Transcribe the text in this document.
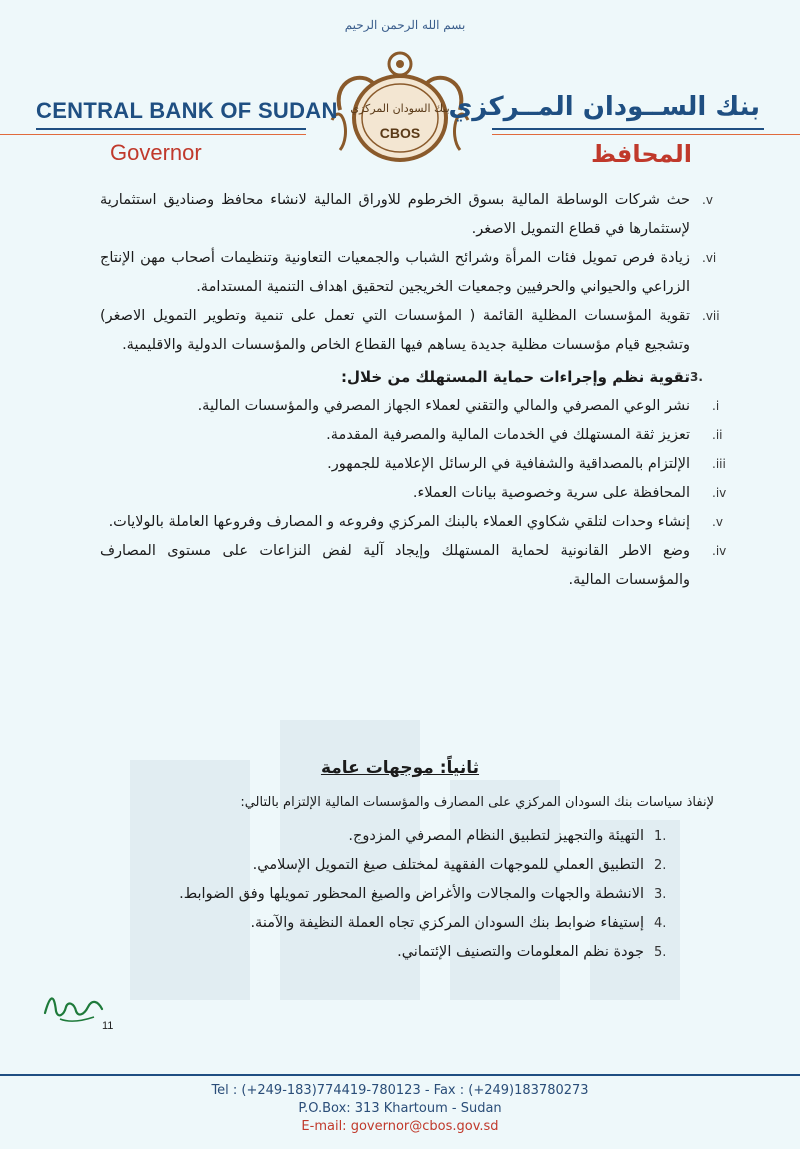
بسم الله الرحمن الرحيم
بنك السودان المركزي
CBOS
CENTRAL BANK OF SUDAN	بنك الســودان المــركزي
Governor	المحافظ
.v
حث شركات الوساطة المالية بسوق الخرطوم للاوراق المالية لانشاء محافظ وصناديق استثمارية لإستثمارها في قطاع التمويل الاصغر.
.vi
زيادة فرص تمويل فئات المرأة وشرائح الشباب والجمعيات التعاونية وتنظيمات أصحاب مهن الإنتاج الزراعي والحيواني والحرفيين وجمعيات الخريجين لتحقيق اهداف التنمية المستدامة.
.vii
تقوية المؤسسات المظلية القائمة ( المؤسسات التي تعمل على تنمية وتطوير التمويل الاصغر) وتشجيع قيام مؤسسات مظلية جديدة يساهم فيها القطاع الخاص والمؤسسات الدولية والاقليمية.
3.
تقوية نظم وإجراءات حماية المستهلك من خلال:
.i
نشر الوعي المصرفي والمالي والتقني لعملاء الجهاز المصرفي والمؤسسات المالية.
.ii
تعزيز ثقة المستهلك في الخدمات المالية والمصرفية المقدمة.
.iii
الإلتزام بالمصداقية والشفافية في الرسائل الإعلامية للجمهور.
.iv
المحافظة على سرية وخصوصية بيانات العملاء.
.v
إنشاء وحدات لتلقي شكاوي العملاء بالبنك المركزي وفروعه و المصارف وفروعها العاملة بالولايات.
.iv
وضع الاطر القانونية لحماية المستهلك وإيجاد آلية لفض النزاعات على مستوى المصارف والمؤسسات المالية.
ثانياً: موجهات عامة
لإنفاذ سياسات بنك السودان المركزي على المصارف والمؤسسات المالية الإلتزام بالتالي:
1.
التهيئة والتجهيز لتطبيق النظام المصرفي المزدوج.
2.
التطبيق العملي للموجهات الفقهية لمختلف صيغ التمويل الإسلامي.
3.
الانشطة والجهات والمجالات والأغراض والصيغ المحظور تمويلها وفق الضوابط.
4.
إستيفاء ضوابط بنك السودان المركزي تجاه العملة النظيفة والآمنة.
5.
جودة نظم المعلومات والتصنيف الإئتماني.
11
Tel : (+249-183)774419-780123 - Fax : (+249)183780273
P.O.Box: 313 Khartoum - Sudan
E-mail: governor@cbos.gov.sd
